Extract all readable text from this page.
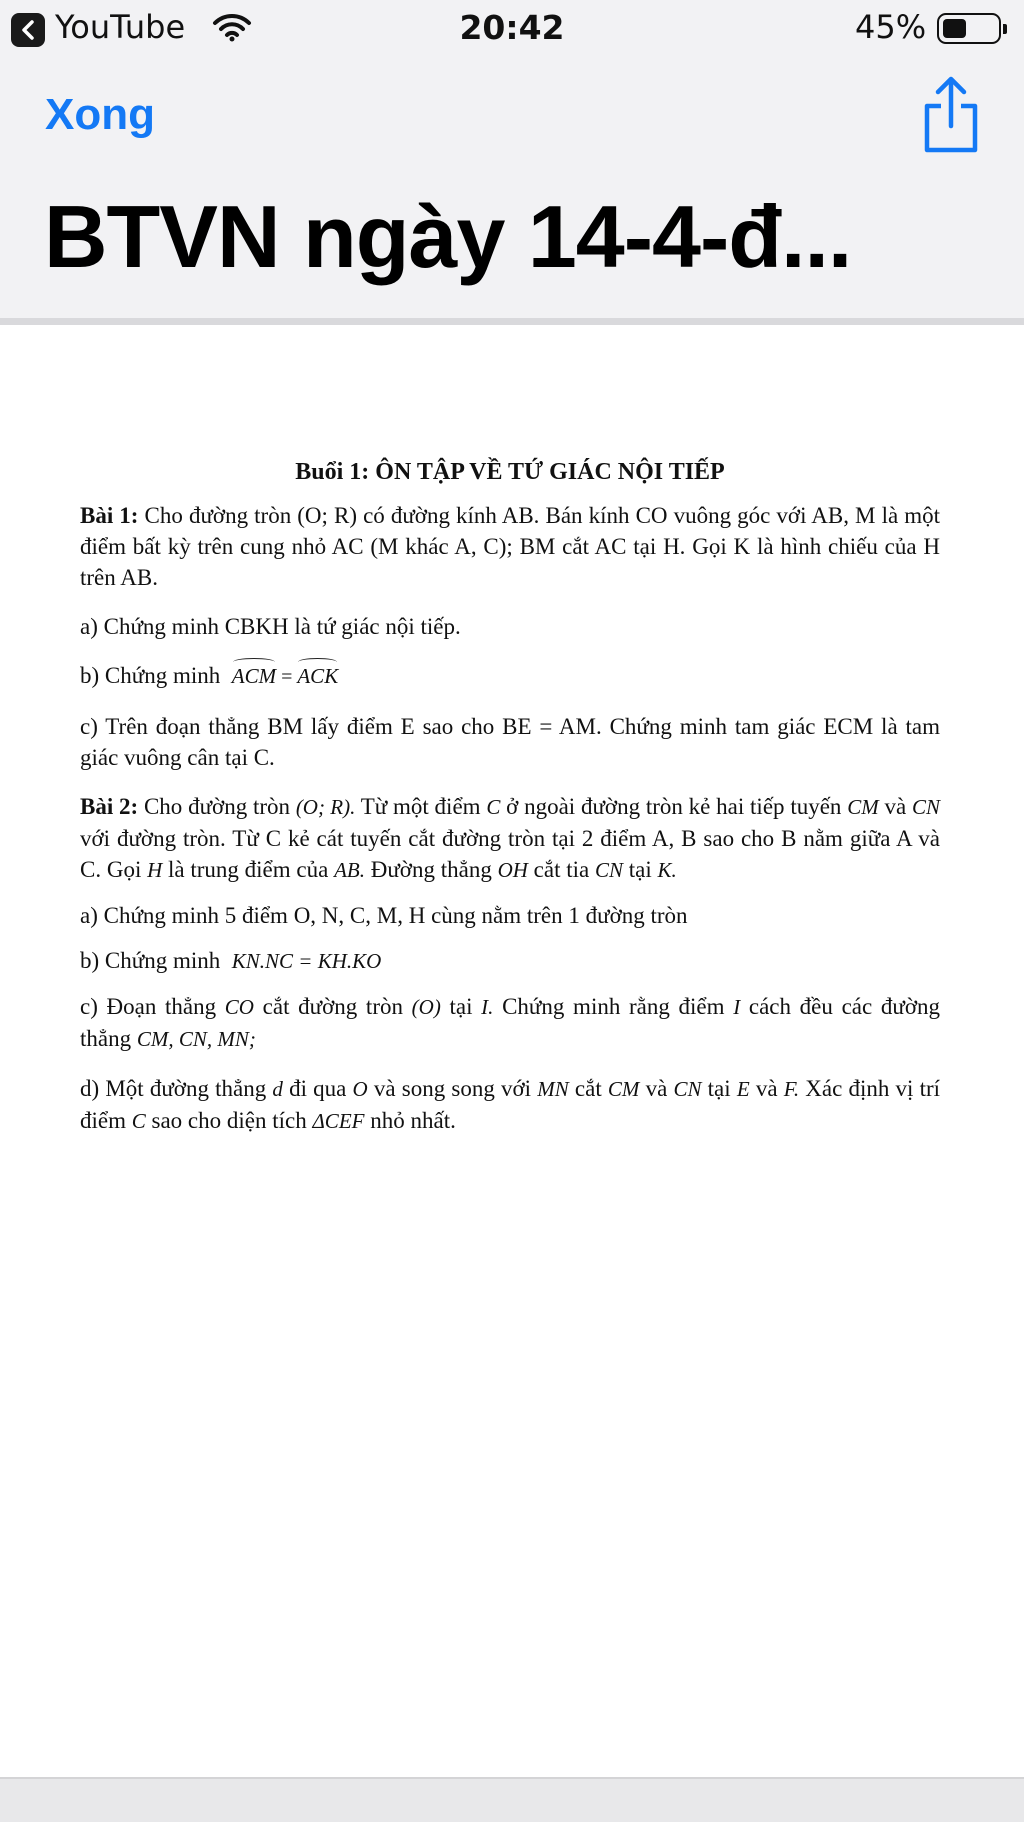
YouTube	20:42	45%
Xong
BTVN ngày 14-4-đ...
Buổi 1: ÔN TẬP VỀ TỨ GIÁC NỘI TIẾP
Bài 1: Cho đường tròn (O; R) có đường kính AB. Bán kính CO vuông góc với AB, M là một điểm bất kỳ trên cung nhỏ AC (M khác A, C); BM cắt AC tại H. Gọi K là hình chiếu của H trên AB.
a) Chứng minh CBKH là tứ giác nội tiếp.
b) Chứng minh ACM = ACK
c) Trên đoạn thẳng BM lấy điểm E sao cho BE = AM. Chứng minh tam giác ECM là tam giác vuông cân tại C.
Bài 2: Cho đường tròn (O; R). Từ một điểm C ở ngoài đường tròn kẻ hai tiếp tuyến CM và CN với đường tròn. Từ C kẻ cát tuyến cắt đường tròn tại 2 điểm A, B sao cho B nằm giữa A và C. Gọi H là trung điểm của AB. Đường thẳng OH cắt tia CN tại K.
a) Chứng minh 5 điểm O, N, C, M, H cùng nằm trên 1 đường tròn
b) Chứng minh KN.NC = KH.KO
c) Đoạn thẳng CO cắt đường tròn (O) tại I. Chứng minh rằng điểm I cách đều các đường thẳng CM, CN, MN;
d) Một đường thẳng d đi qua O và song song với MN cắt CM và CN tại E và F. Xác định vị trí điểm C sao cho diện tích ΔCEF nhỏ nhất.
